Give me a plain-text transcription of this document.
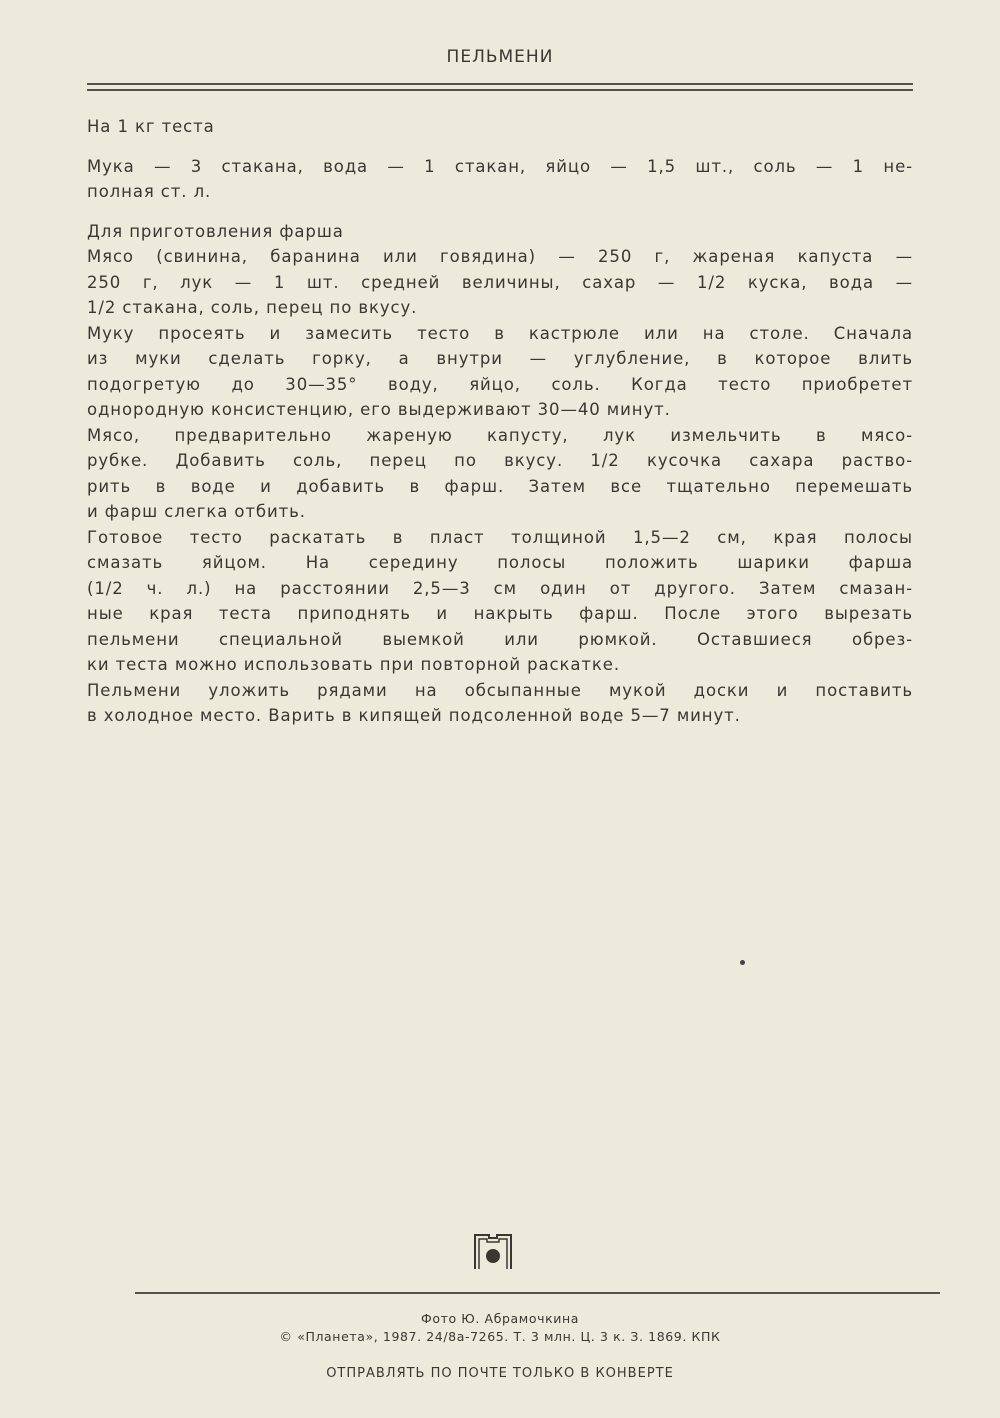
ПЕЛЬМЕНИ
На 1 кг теста
Мука — 3 стакана, вода — 1 стакан, яйцо — 1,5 шт., соль — 1 не-
полная ст. л.
Для приготовления фарша
Мясо (свинина, баранина или говядина) — 250 г, жареная капуста —
250 г, лук — 1 шт. средней величины, сахар — 1/2 куска, вода —
1/2 стакана, соль, перец по вкусу.
Муку просеять и замесить тесто в кастрюле или на столе. Сначала
из муки сделать горку, а внутри — углубление, в которое влить
подогретую до 30—35° воду, яйцо, соль. Когда тесто приобретет
однородную консистенцию, его выдерживают 30—40 минут.
Мясо, предварительно жареную капусту, лук измельчить в мясо-
рубке. Добавить соль, перец по вкусу. 1/2 кусочка сахара раство-
рить в воде и добавить в фарш. Затем все тщательно перемешать
и фарш слегка отбить.
Готовое тесто раскатать в пласт толщиной 1,5—2 см, края полосы
смазать яйцом. На середину полосы положить шарики фарша
(1/2 ч. л.) на расстоянии 2,5—3 см один от другого. Затем смазан-
ные края теста приподнять и накрыть фарш. После этого вырезать
пельмени специальной выемкой или рюмкой. Оставшиеся обрез-
ки теста можно использовать при повторной раскатке.
Пельмени уложить рядами на обсыпанные мукой доски и поставить
в холодное место. Варить в кипящей подсоленной воде 5—7 минут.
Фото Ю. Абрамочкина
© «Планета», 1987. 24/8а-7265. Т. 3 млн. Ц. 3 к. З. 1869. КПК
ОТПРАВЛЯТЬ ПО ПОЧТЕ ТОЛЬКО В КОНВЕРТЕ
